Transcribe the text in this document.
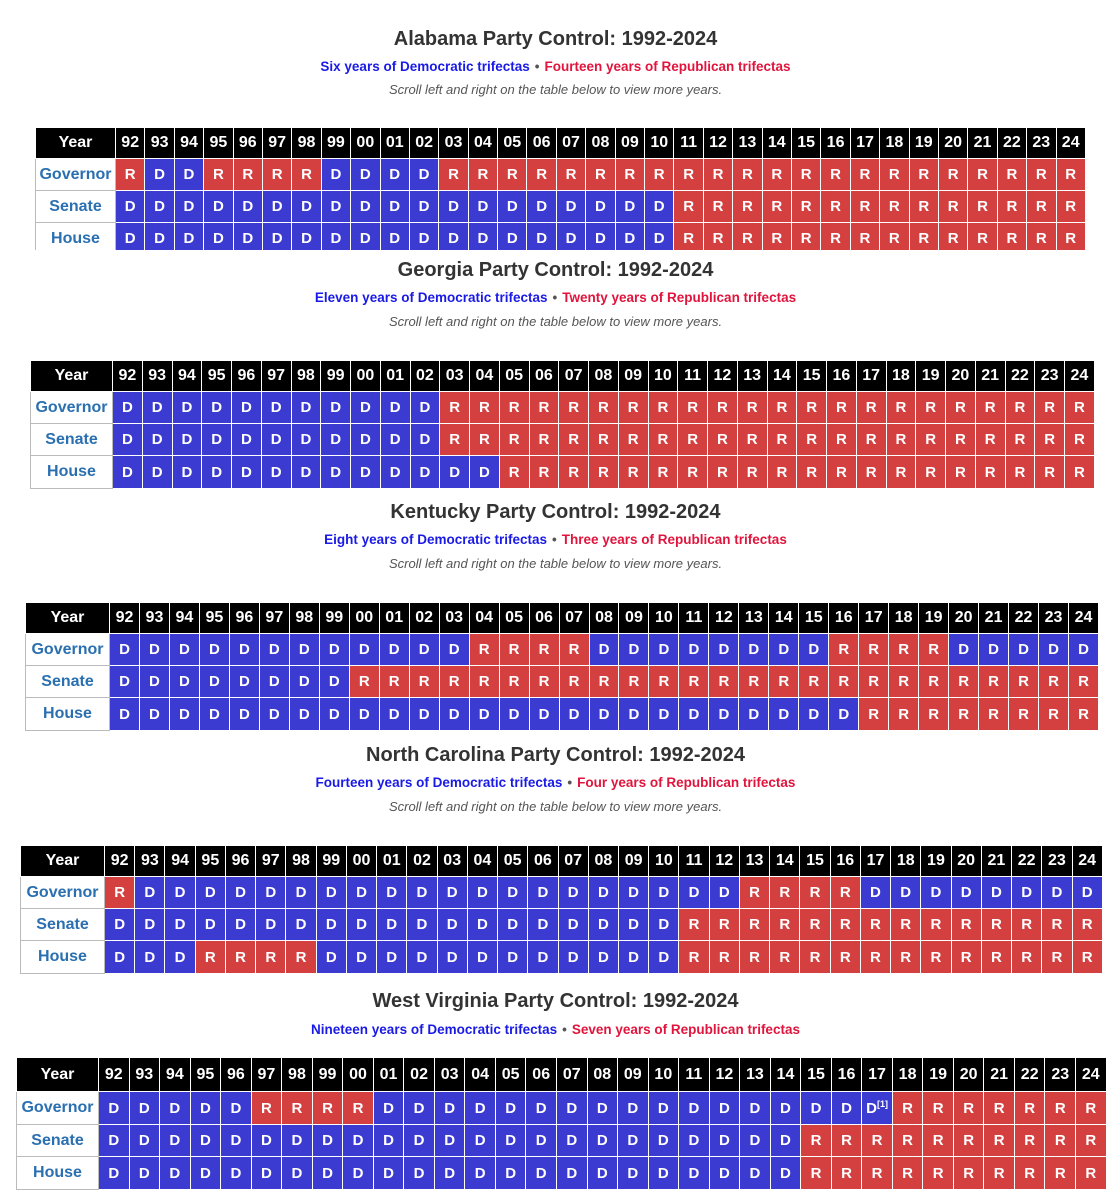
Alabama Party Control: 1992-2024
Six years of Democratic trifectas • Fourteen years of Republican trifectas
Scroll left and right on the table below to view more years.
Year	92	93	94	95	96	97	98	99	00	01	02	03	04	05	06	07	08	09	10	11	12	13	14	15	16	17	18	19	20	21	22	23	24
Governor	R	D	D	R	R	R	R	D	D	D	D	R	R	R	R	R	R	R	R	R	R	R	R	R	R	R	R	R	R	R	R	R	R
Senate	D	D	D	D	D	D	D	D	D	D	D	D	D	D	D	D	D	D	D	R	R	R	R	R	R	R	R	R	R	R	R	R	R
House	D	D	D	D	D	D	D	D	D	D	D	D	D	D	D	D	D	D	D	R	R	R	R	R	R	R	R	R	R	R	R	R	R
Georgia Party Control: 1992-2024
Eleven years of Democratic trifectas • Twenty years of Republican trifectas
Scroll left and right on the table below to view more years.
Year	92	93	94	95	96	97	98	99	00	01	02	03	04	05	06	07	08	09	10	11	12	13	14	15	16	17	18	19	20	21	22	23	24
Governor	D	D	D	D	D	D	D	D	D	D	D	R	R	R	R	R	R	R	R	R	R	R	R	R	R	R	R	R	R	R	R	R	R
Senate	D	D	D	D	D	D	D	D	D	D	D	R	R	R	R	R	R	R	R	R	R	R	R	R	R	R	R	R	R	R	R	R	R
House	D	D	D	D	D	D	D	D	D	D	D	D	D	R	R	R	R	R	R	R	R	R	R	R	R	R	R	R	R	R	R	R	R
Kentucky Party Control: 1992-2024
Eight years of Democratic trifectas • Three years of Republican trifectas
Scroll left and right on the table below to view more years.
Year	92	93	94	95	96	97	98	99	00	01	02	03	04	05	06	07	08	09	10	11	12	13	14	15	16	17	18	19	20	21	22	23	24
Governor	D	D	D	D	D	D	D	D	D	D	D	D	R	R	R	R	D	D	D	D	D	D	D	D	R	R	R	R	D	D	D	D	D
Senate	D	D	D	D	D	D	D	D	R	R	R	R	R	R	R	R	R	R	R	R	R	R	R	R	R	R	R	R	R	R	R	R	R
House	D	D	D	D	D	D	D	D	D	D	D	D	D	D	D	D	D	D	D	D	D	D	D	D	D	R	R	R	R	R	R	R	R
North Carolina Party Control: 1992-2024
Fourteen years of Democratic trifectas • Four years of Republican trifectas
Scroll left and right on the table below to view more years.
Year	92	93	94	95	96	97	98	99	00	01	02	03	04	05	06	07	08	09	10	11	12	13	14	15	16	17	18	19	20	21	22	23	24
Governor	R	D	D	D	D	D	D	D	D	D	D	D	D	D	D	D	D	D	D	D	D	R	R	R	R	D	D	D	D	D	D	D	D
Senate	D	D	D	D	D	D	D	D	D	D	D	D	D	D	D	D	D	D	D	R	R	R	R	R	R	R	R	R	R	R	R	R	R
House	D	D	D	R	R	R	R	D	D	D	D	D	D	D	D	D	D	D	D	R	R	R	R	R	R	R	R	R	R	R	R	R	R
West Virginia Party Control: 1992-2024
Nineteen years of Democratic trifectas • Seven years of Republican trifectas
Year	92	93	94	95	96	97	98	99	00	01	02	03	04	05	06	07	08	09	10	11	12	13	14	15	16	17	18	19	20	21	22	23	24
Governor	D	D	D	D	D	R	R	R	R	D	D	D	D	D	D	D	D	D	D	D	D	D	D	D	D	D[1]	R	R	R	R	R	R	R
Senate	D	D	D	D	D	D	D	D	D	D	D	D	D	D	D	D	D	D	D	D	D	D	D	R	R	R	R	R	R	R	R	R	R
House	D	D	D	D	D	D	D	D	D	D	D	D	D	D	D	D	D	D	D	D	D	D	D	R	R	R	R	R	R	R	R	R	R
